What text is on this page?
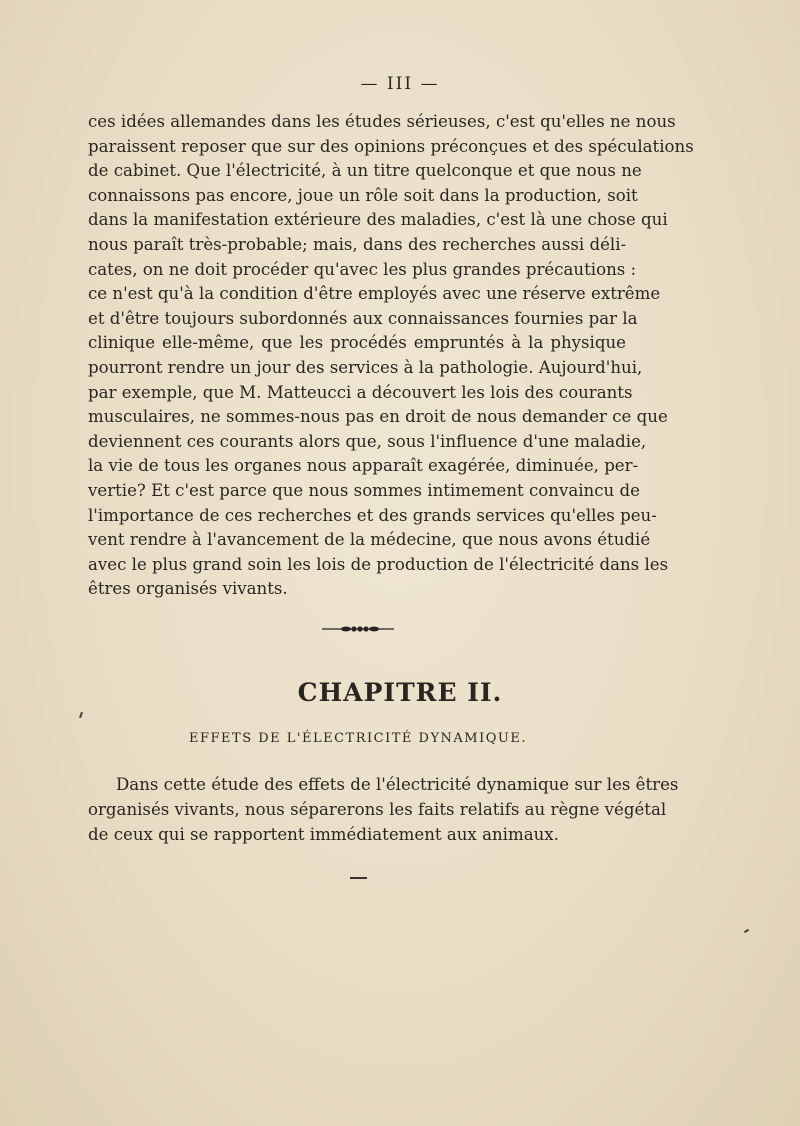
— III —
ces idées allemandes dans les études sérieuses, c'est qu'elles ne nous
paraissent reposer que sur des opinions préconçues et des spéculations
de cabinet. Que l'électricité, à un titre quelconque et que nous ne
connaissons pas encore, joue un rôle soit dans la production, soit
dans la manifestation extérieure des maladies, c'est là une chose qui
nous paraît très-probable; mais, dans des recherches aussi déli-
cates, on ne doit procéder qu'avec les plus grandes précautions :
ce n'est qu'à la condition d'être employés avec une réserve extrême
et d'être toujours subordonnés aux connaissances fournies par la
clinique elle-même, que les procédés empruntés à la physique
pourront rendre un jour des services à la pathologie. Aujourd'hui,
par exemple, que M. Matteucci a découvert les lois des courants
musculaires, ne sommes-nous pas en droit de nous demander ce que
deviennent ces courants alors que, sous l'influence d'une maladie,
la vie de tous les organes nous apparaît exagérée, diminuée, per-
vertie? Et c'est parce que nous sommes intimement convaincu de
l'importance de ces recherches et des grands services qu'elles peu-
vent rendre à l'avancement de la médecine, que nous avons étudié
avec le plus grand soin les lois de production de l'électricité dans les
êtres organisés vivants.
CHAPITRE II.
EFFETS DE L'ÉLECTRICITÉ DYNAMIQUE.
Dans cette étude des effets de l'électricité dynamique sur les êtres
organisés vivants, nous séparerons les faits relatifs au règne végétal
de ceux qui se rapportent immédiatement aux animaux.
